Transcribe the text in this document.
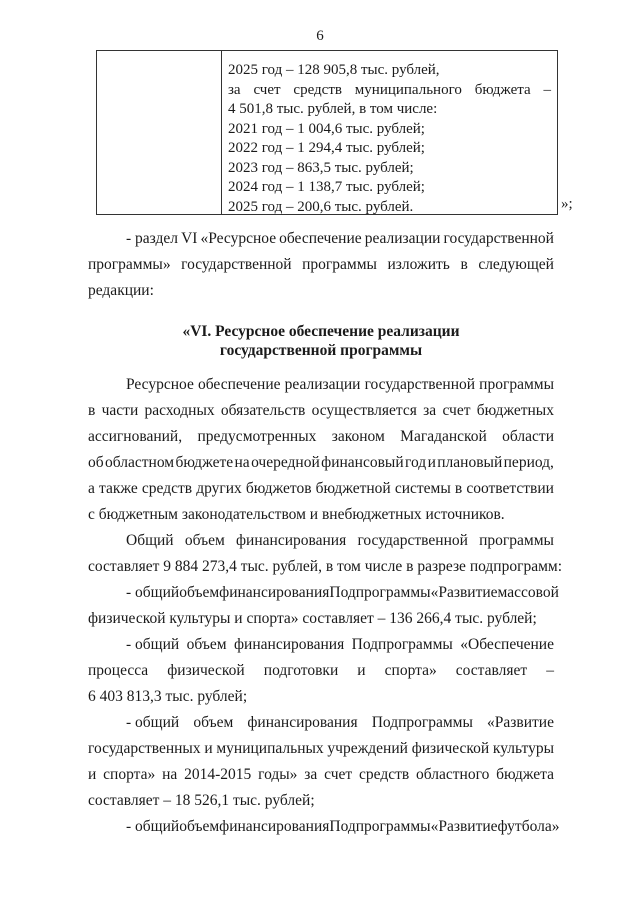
6
2025 год – 128 905,8 тыс. рублей,
за счет средств муниципального бюджета –
4 501,8 тыс. рублей, в том числе:
2021 год – 1 004,6 тыс. рублей;
2022 год – 1 294,4 тыс. рублей;
2023 год – 863,5 тыс. рублей;
2024 год – 1 138,7 тыс. рублей;
2025 год – 200,6 тыс. рублей.	»;
- раздел VI «Ресурсное обеспечение реализации государственной
программы» государственной программы изложить в следующей
редакции:
«VI. Ресурсное обеспечение реализации
государственной программы
Ресурсное обеспечение реализации государственной программы
в части расходных обязательств осуществляется за счет бюджетных
ассигнований, предусмотренных законом Магаданской области
об областном бюджете на очередной финансовый год и плановый период,
а также средств других бюджетов бюджетной системы в соответствии
с бюджетным законодательством и внебюджетных источников.
Общий объем финансирования государственной программы
составляет 9 884 273,4 тыс. рублей, в том числе в разрезе подпрограмм:
- общий объем финансирования Подпрограммы «Развитие массовой
физической культуры и спорта» составляет – 136 266,4 тыс. рублей;
- общий объем финансирования Подпрограммы «Обеспечение
процесса физической подготовки и спорта» составляет –
6 403 813,3 тыс. рублей;
- общий объем финансирования Подпрограммы «Развитие
государственных и муниципальных учреждений физической культуры
и спорта» на 2014-2015 годы» за счет средств областного бюджета
составляет – 18 526,1 тыс. рублей;
- общий объем финансирования Подпрограммы «Развитие футбола»
